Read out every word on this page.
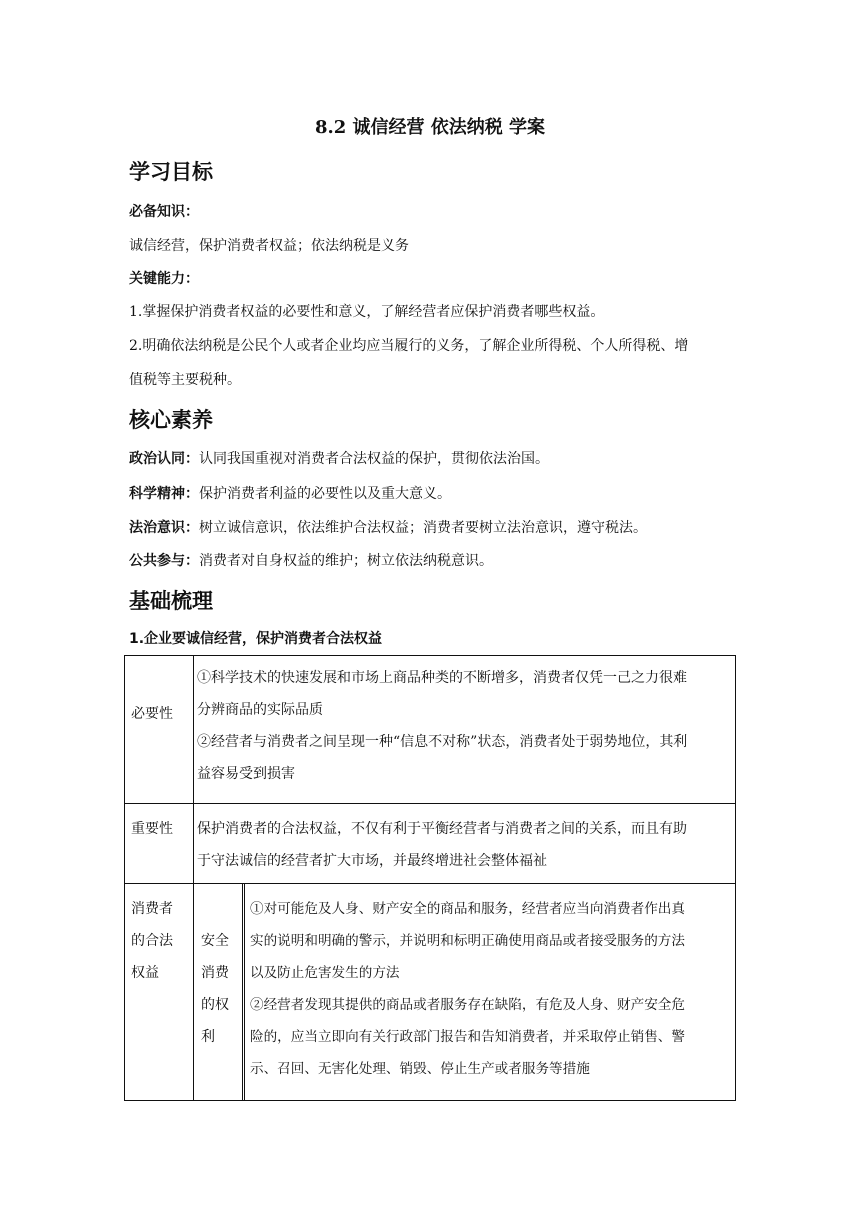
8.2 诚信经营 依法纳税 学案
学习目标
必备知识：
诚信经营，保护消费者权益；依法纳税是义务
关键能力：
1.掌握保护消费者权益的必要性和意义，了解经营者应保护消费者哪些权益。
2.明确依法纳税是公民个人或者企业均应当履行的义务，了解企业所得税、个人所得税、增
值税等主要税种。
核心素养
政治认同：认同我国重视对消费者合法权益的保护，贯彻依法治国。
科学精神：保护消费者利益的必要性以及重大意义。
法治意识：树立诚信意识，依法维护合法权益；消费者要树立法治意识，遵守税法。
公共参与：消费者对自身权益的维护；树立依法纳税意识。
基础梳理
1.企业要诚信经营，保护消费者合法权益
必要性
①科学技术的快速发展和市场上商品种类的不断增多，消费者仅凭一己之力很难
分辨商品的实际品质
②经营者与消费者之间呈现一种“信息不对称”状态，消费者处于弱势地位，其利
益容易受到损害
重要性	保护消费者的合法权益，不仅有利于平衡经营者与消费者之间的关系，而且有助
于守法诚信的经营者扩大市场，并最终增进社会整体福祉
消费者
的合法
权益
安全
消费
的权
利
①对可能危及人身、财产安全的商品和服务，经营者应当向消费者作出真
实的说明和明确的警示，并说明和标明正确使用商品或者接受服务的方法
以及防止危害发生的方法
②经营者发现其提供的商品或者服务存在缺陷，有危及人身、财产安全危
险的，应当立即向有关行政部门报告和告知消费者，并采取停止销售、警
示、召回、无害化处理、销毁、停止生产或者服务等措施
